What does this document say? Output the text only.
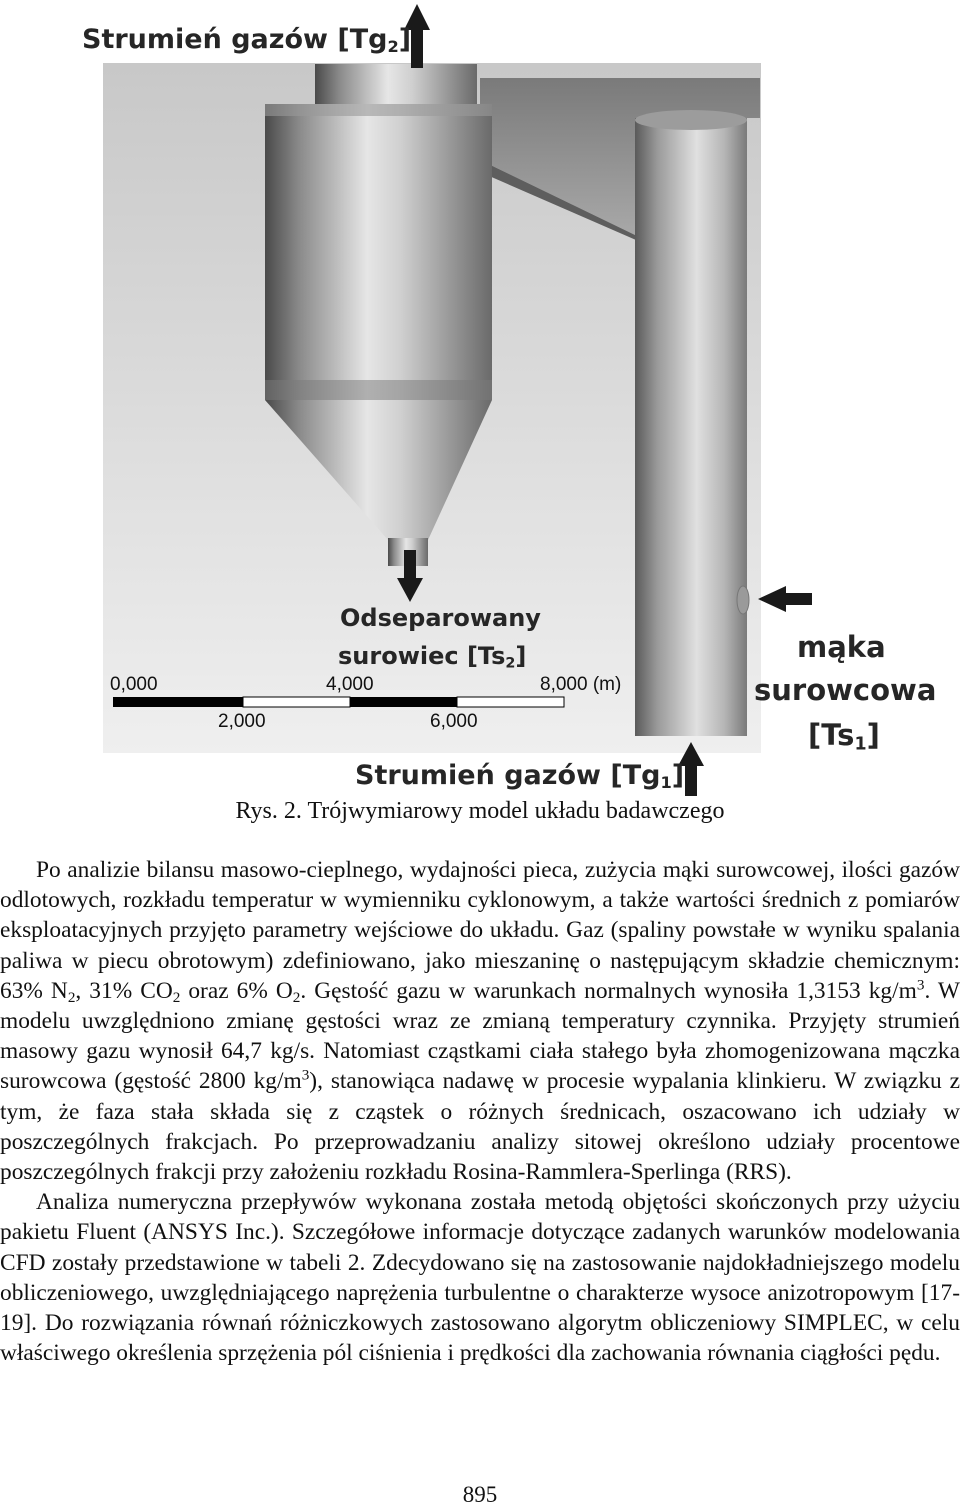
0,000	4,000	8,000 (m)
2,000	6,000
Strumień gazów $[Tg_2]$
Odseparowany
surowiec $[Ts_2]$	mąka
surowcowa
$[Ts_1]$
Strumień gazów $[Tg_1]$
Rys. 2. Trójwymiarowy model układu badawczego

Po analizie bilansu masowo-cieplnego, wydajności pieca, zużycia mąki surowcowej, ilości gazów odlotowych, rozkładu temperatur w wymienniku cyklonowym, a także wartości średnich z pomiarów eksploatacyjnych przyjęto parametry wejściowe do układu. Gaz (spaliny powstałe w wyniku spalania paliwa w piecu obrotowym) zdefiniowano, jako mieszaninę o następującym składzie chemicznym: 63% $N_2$, 31% $CO_2$ oraz 6% $O_2$. Gęstość gazu w warunkach normalnych wynosiła 1,3153 $kg/m^3$. W modelu uwzględniono zmianę gęstości wraz ze zmianą temperatury czynnika. Przyjęty strumień masowy gazu wynosił 64,7 kg/s. Natomiast cząstkami ciała stałego była zhomogenizowana mączka surowcowa (gęstość 2800 $kg/m^3$), stanowiąca nadawę w procesie wypalania klinkieru. W związku z tym, że faza stała składa się z cząstek o różnych średnicach, oszacowano ich udziały w poszczególnych frakcjach. Po przeprowadzaniu analizy sitowej określono udziały procentowe poszczególnych frakcji przy założeniu rozkładu Rosina-Rammlera-Sperlinga (RRS).

Analiza numeryczna przepływów wykonana została metodą objętości skończonych przy użyciu pakietu Fluent (ANSYS Inc.). Szczegółowe informacje dotyczące zadanych warunków modelowania CFD zostały przedstawione w tabeli 2. Zdecydowano się na zastosowanie najdokładniejszego modelu obliczeniowego, uwzględniającego naprężenia turbulentne o charakterze wysoce anizotropowym [17-19]. Do rozwiązania równań różniczkowych zastosowano algorytm obliczeniowy SIMPLEC, w celu właściwego określenia sprzężenia pól ciśnienia i prędkości dla zachowania równania ciągłości pędu.

895
